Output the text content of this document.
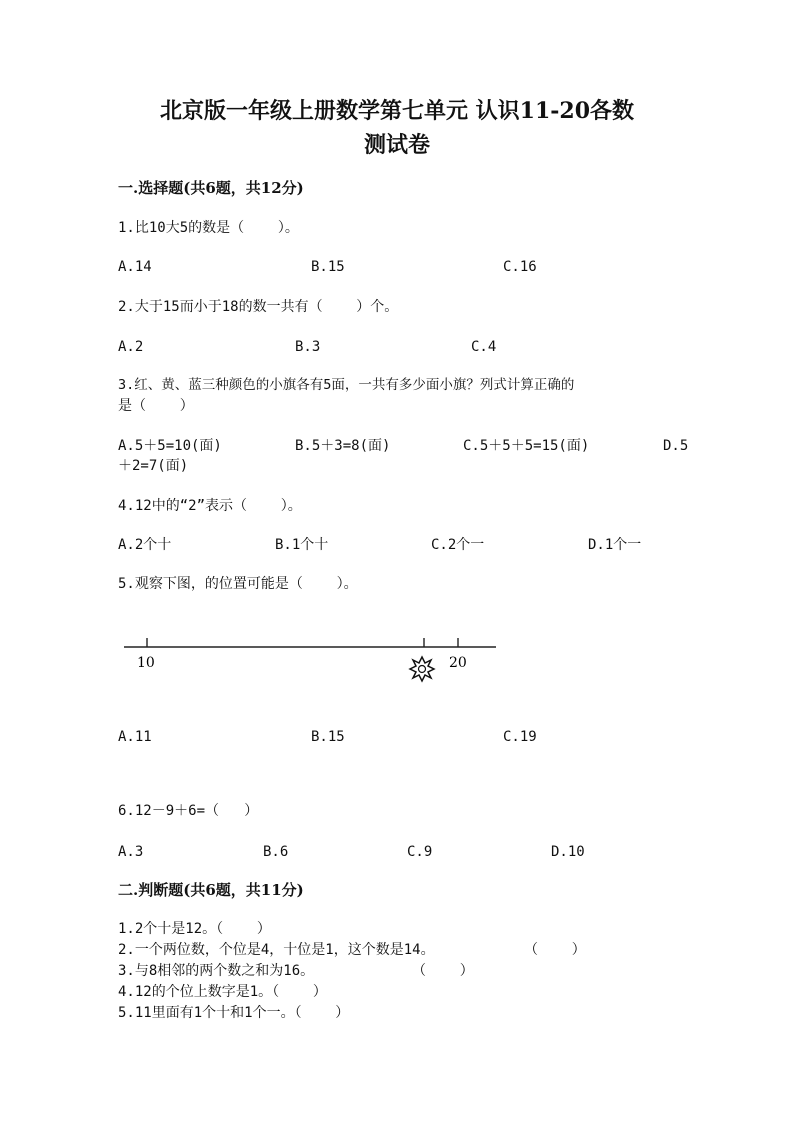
北京版一年级上册数学第七单元 认识11-20各数
测试卷
一.选择题(共6题，共12分)
1.比10大5的数是（    ）。
A.14	B.15	C.16
2.大于15而小于18的数一共有（    ）个。
A.2	B.3	C.4
3.红、黄、蓝三种颜色的小旗各有5面，一共有多少面小旗？列式计算正确的
是（    ）
A.5＋5=10(面)	B.5＋3=8(面)	C.5＋5＋5=15(面)	D.5
＋2=7(面)
4.12中的“2”表示（    ）。
A.2个十	B.1个十	C.2个一	D.1个一
5.观察下图，的位置可能是（    ）。
10	20
A.11	B.15	C.19
6.12－9＋6=（   ）
A.3	B.6	C.9	D.10
二.判断题(共6题，共11分)
1.2个十是12。（    ）
2.一个两位数，个位是4，十位是1，这个数是14。	（    ）
3.与8相邻的两个数之和为16。	（    ）
4.12的个位上数字是1。（    ）
5.11里面有1个十和1个一。（    ）
